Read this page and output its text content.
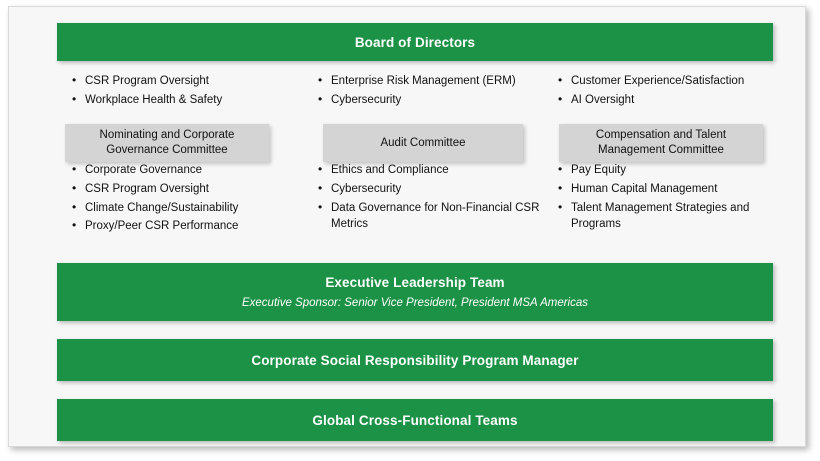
Board of Directors
• CSR Program Oversight
• Workplace Health & Safety
• Enterprise Risk Management (ERM)
• Cybersecurity
• Customer Experience/Satisfaction
• AI Oversight
Nominating and Corporate Governance Committee
• Corporate Governance
• CSR Program Oversight
• Climate Change/Sustainability
• Proxy/Peer CSR Performance
Audit Committee
• Ethics and Compliance
• Cybersecurity
• Data Governance for Non-Financial CSR Metrics
Compensation and Talent Management Committee
• Pay Equity
• Human Capital Management
• Talent Management Strategies and Programs
Executive Leadership Team
Executive Sponsor: Senior Vice President, President MSA Americas
Corporate Social Responsibility Program Manager
Global Cross-Functional Teams
